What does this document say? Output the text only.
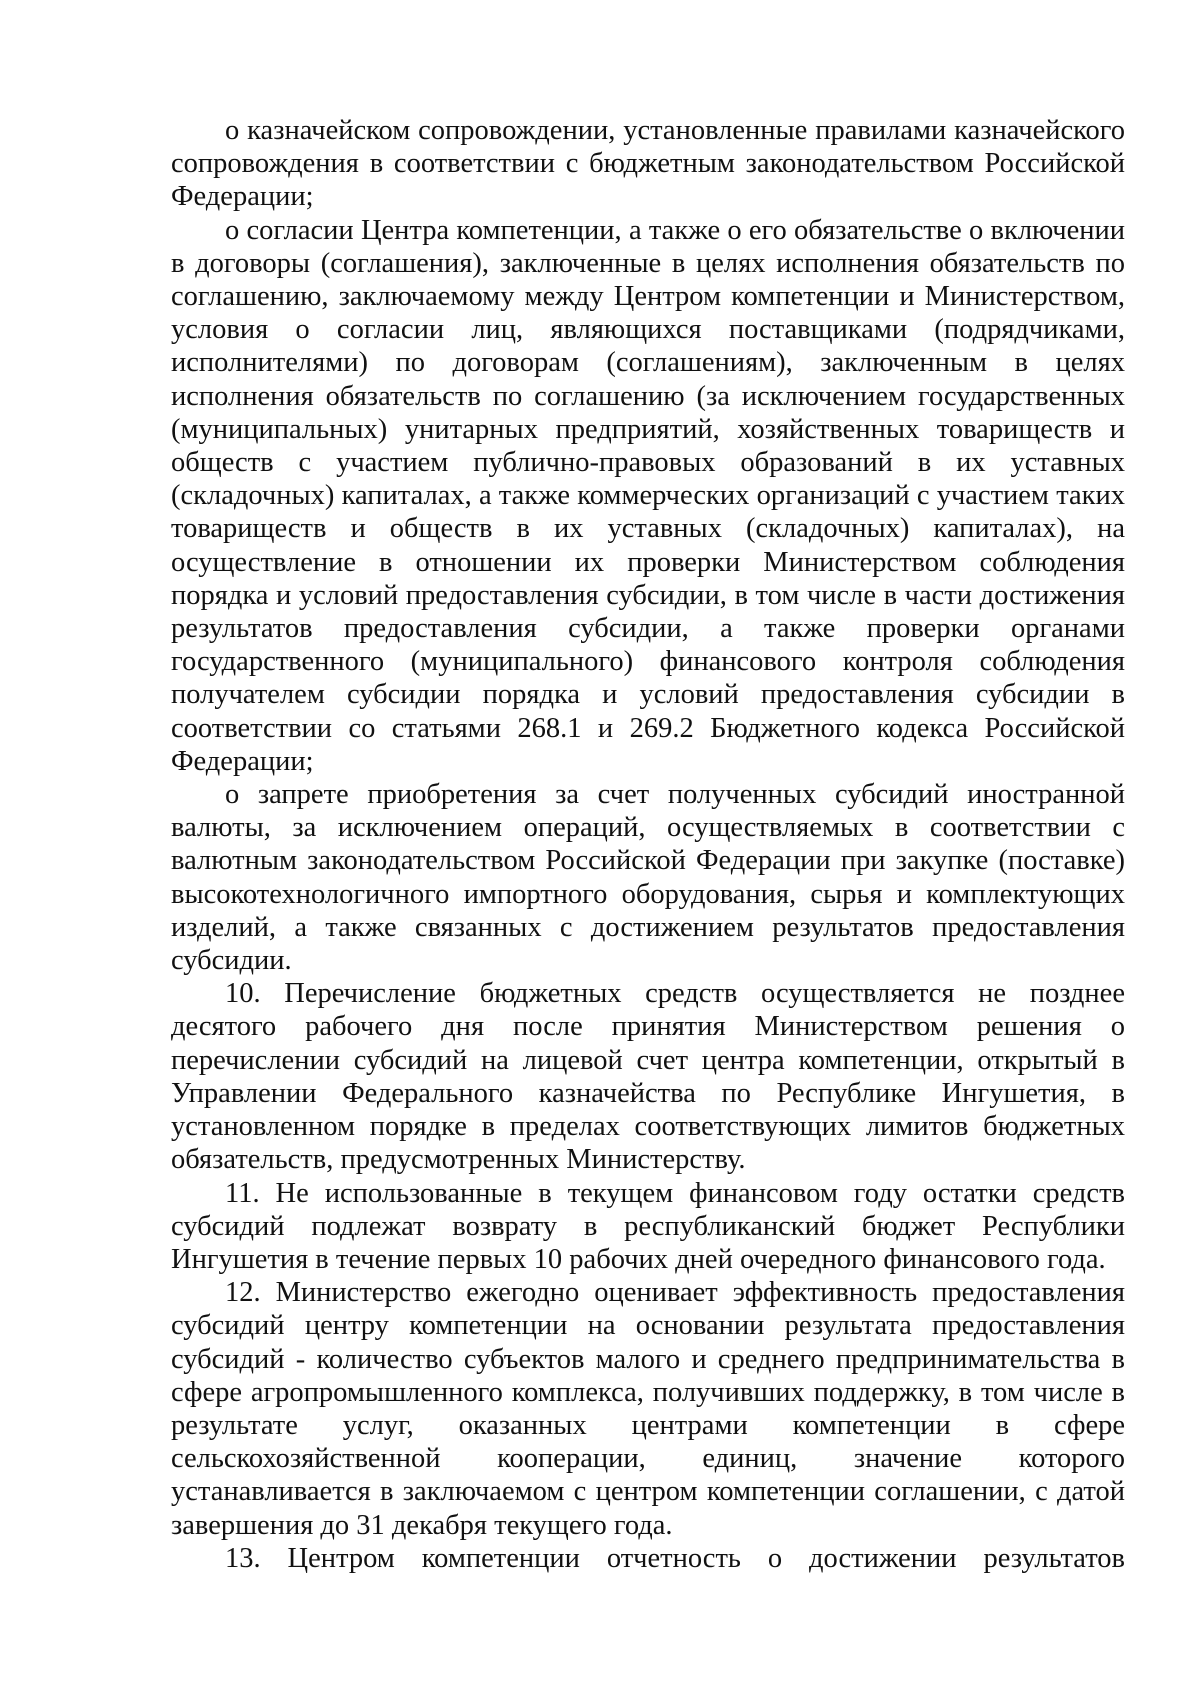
о казначейском сопровождении, установленные правилами казначейского сопровождения в соответствии с бюджетным законодательством Российской Федерации;

о согласии Центра компетенции, а также о его обязательстве о включении в договоры (соглашения), заключенные в целях исполнения обязательств по соглашению, заключаемому между Центром компетенции и Министерством, условия о согласии лиц, являющихся поставщиками (подрядчиками, исполнителями) по договорам (соглашениям), заключенным в целях исполнения обязательств по соглашению (за исключением государственных (муниципальных) унитарных предприятий, хозяйственных товариществ и обществ с участием публично-правовых образований в их уставных (складочных) капиталах, а также коммерческих организаций с участием таких товариществ и обществ в их уставных (складочных) капиталах), на осуществление в отношении их проверки Министерством соблюдения порядка и условий предоставления субсидии, в том числе в части достижения результатов предоставления субсидии, а также проверки органами государственного (муниципального) финансового контроля соблюдения получателем субсидии порядка и условий предоставления субсидии в соответствии со статьями 268.1 и 269.2 Бюджетного кодекса Российской Федерации;

о запрете приобретения за счет полученных субсидий иностранной валюты, за исключением операций, осуществляемых в соответствии с валютным законодательством Российской Федерации при закупке (поставке) высокотехнологичного импортного оборудования, сырья и комплектующих изделий, а также связанных с достижением результатов предоставления субсидии.

10. Перечисление бюджетных средств осуществляется не позднее десятого рабочего дня после принятия Министерством решения о перечислении субсидий на лицевой счет центра компетенции, открытый в Управлении Федерального казначейства по Республике Ингушетия, в установленном порядке в пределах соответствующих лимитов бюджетных обязательств, предусмотренных Министерству.

11. Не использованные в текущем финансовом году остатки средств субсидий подлежат возврату в республиканский бюджет Республики Ингушетия в течение первых 10 рабочих дней очередного финансового года.

12. Министерство ежегодно оценивает эффективность предоставления субсидий центру компетенции на основании результата предоставления субсидий - количество субъектов малого и среднего предпринимательства в сфере агропромышленного комплекса, получивших поддержку, в том числе в результате услуг, оказанных центрами компетенции в сфере сельскохозяйственной кооперации, единиц, значение которого устанавливается в заключаемом с центром компетенции соглашении, с датой завершения до 31 декабря текущего года.

13. Центром компетенции отчетность о достижении результатов
